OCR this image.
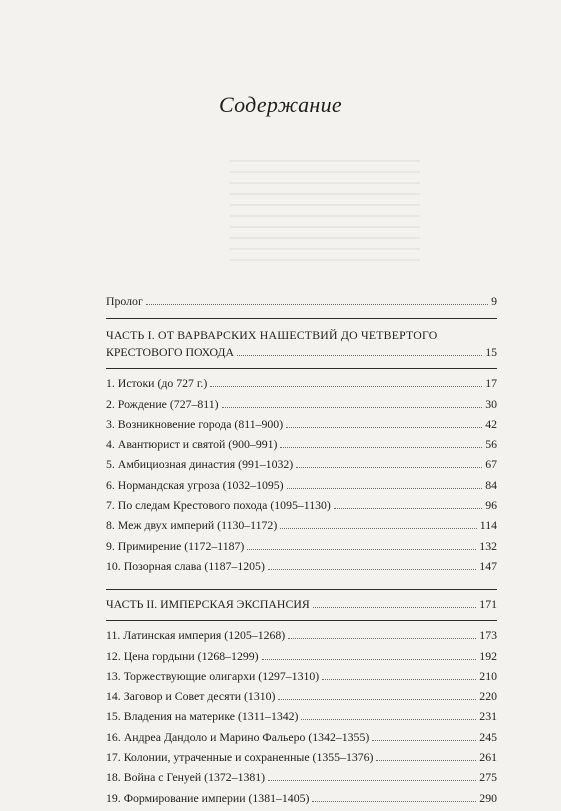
Содержание
Пролог	9
ЧАСТЬ I. ОТ ВАРВАРСКИХ НАШЕСТВИЙ ДО ЧЕТВЕРТОГО
КРЕСТОВОГО ПОХОДА	15
1. Истоки (до 727 г.)	17
2. Рождение (727–811)	30
3. Возникновение города (811–900)	42
4. Авантюрист и святой (900–991)	56
5. Амбициозная династия (991–1032)	67
6. Нормандская угроза (1032–1095)	84
7. По следам Крестового похода (1095–1130)	96
8. Меж двух империй (1130–1172)	114
9. Примирение (1172–1187)	132
10. Позорная слава (1187–1205)	147
ЧАСТЬ II. ИМПЕРСКАЯ ЭКСПАНСИЯ	171
11. Латинская империя (1205–1268)	173
12. Цена гордыни (1268–1299)	192
13. Торжествующие олигархи (1297–1310)	210
14. Заговор и Совет десяти (1310)	220
15. Владения на материке (1311–1342)	231
16. Андреа Дандоло и Марино Фальеро (1342–1355)	245
17. Колонии, утраченные и сохраненные (1355–1376)	261
18. Война с Генуей (1372–1381)	275
19. Формирование империи (1381–1405)	290
